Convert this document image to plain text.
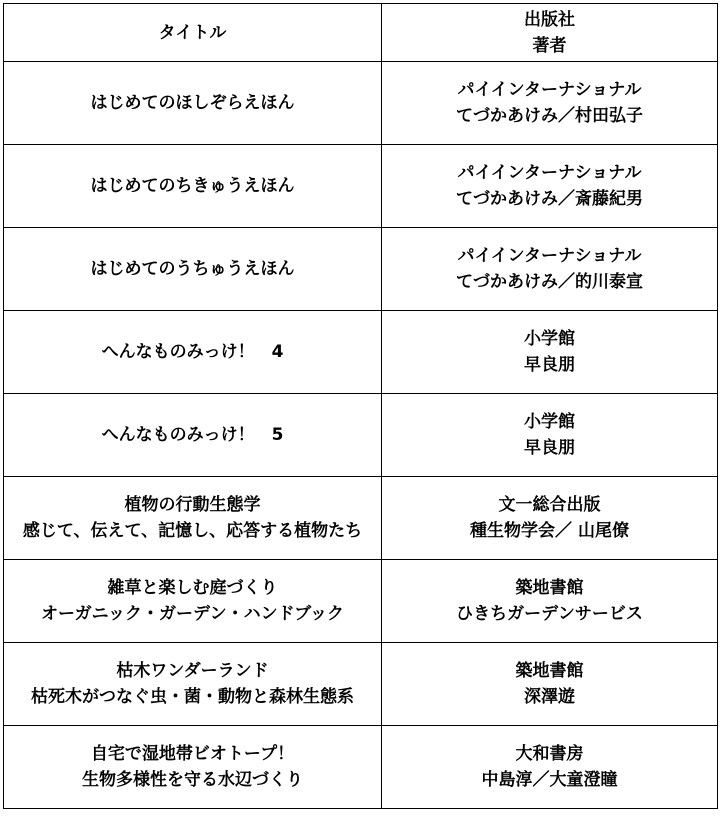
タイトル	出版社
著者

はじめてのほしぞらえほん	パイインターナショナル
てづかあけみ／村田弘子

はじめてのちきゅうえほん	パイインターナショナル
てづかあけみ／斎藤紀男

はじめてのうちゅうえほん	パイインターナショナル
てづかあけみ／的川泰宣

へんなものみっけ！　4	小学館
早良朋

へんなものみっけ！　5	小学館
早良朋

植物の行動生態学
感じて、伝えて、記憶し、応答する植物たち	文一総合出版
種生物学会／ 山尾僚

雑草と楽しむ庭づくり
オーガニック・ガーデン・ハンドブック	築地書館
ひきちガーデンサービス

枯木ワンダーランド
枯死木がつなぐ虫・菌・動物と森林生態系	築地書館
深澤遊

自宅で湿地帯ビオトープ！
生物多様性を守る水辺づくり	大和書房
中島淳／大童澄瞳
